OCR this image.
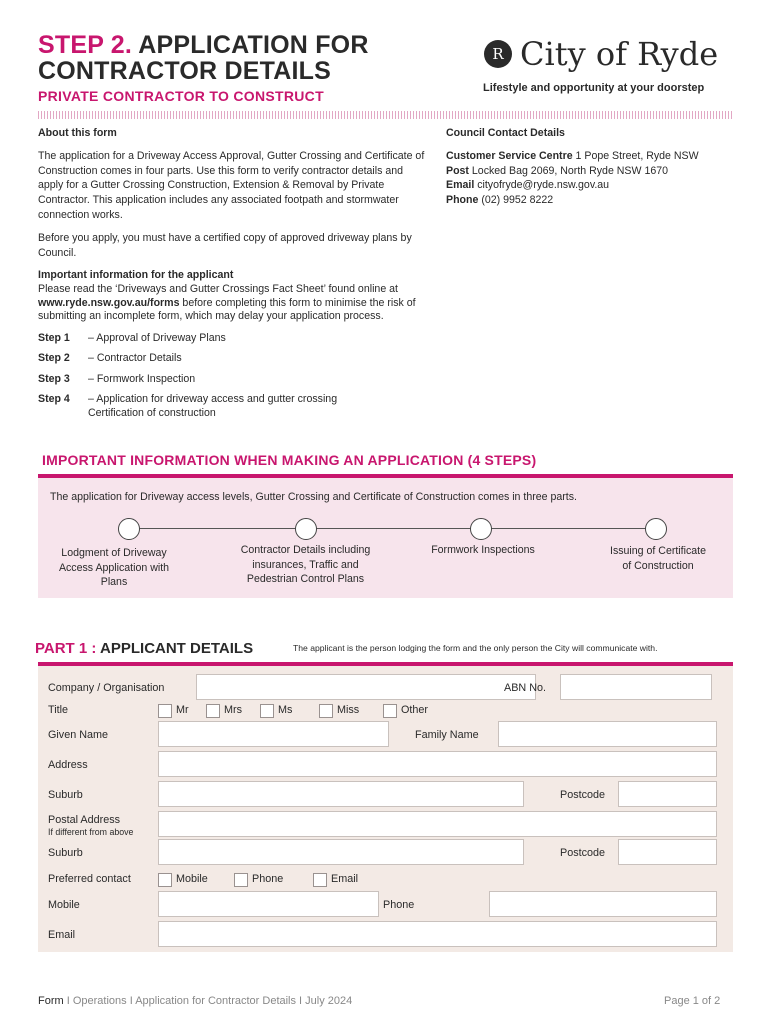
STEP 2. APPLICATION FOR
CONTRACTOR DETAILS
PRIVATE CONTRACTOR TO CONSTRUCT
R City of Ryde
Lifestyle and opportunity at your doorstep

About this form

The application for a Driveway Access Approval, Gutter Crossing and Certificate of Construction comes in four parts. Use this form to verify contractor details and apply for a Gutter Crossing Construction, Extension & Removal by Private Contractor. This application includes any associated footpath and stormwater connection works.

Before you apply, you must have a certified copy of approved driveway plans by Council.

Important information for the applicant

Please read the ‘Driveways and Gutter Crossings Fact Sheet’ found online at www.ryde.nsw.gov.au/forms before completing this form to minimise the risk of submitting an incomplete form, which may delay your application process.

Step 1	– Approval of Driveway Plans
Step 2	– Contractor Details
Step 3	– Formwork Inspection
Step 4	– Application for driveway access and gutter crossing Certification of construction
Council Contact Details
Customer Service Centre 1 Pope Street, Ryde NSW
Post Locked Bag 2069, North Ryde NSW 1670
Email cityofryde@ryde.nsw.gov.au
Phone (02) 9952 8222
IMPORTANT INFORMATION WHEN MAKING AN APPLICATION (4 STEPS)
The application for Driveway access levels, Gutter Crossing and Certificate of Construction comes in three parts.
Lodgment of Driveway Access Application with Plans
Contractor Details including insurances, Traffic and Pedestrian Control Plans
Formwork Inspections	Issuing of Certificate of Construction
PART 1 : APPLICANT DETAILS	The applicant is the person lodging the form and the only person the City will communicate with.
Company / Organisation	ABN No.
Title	Mr	Mrs	Ms	Miss	Other
Given Name	Family Name
Address
Suburb	Postcode
Postal Address
If different from above
Suburb	Postcode
Preferred contact	Mobile	Phone	Email
Mobile	Phone
Email
Form I Operations I Application for Contractor Details I July 2024	Page 1 of 2
